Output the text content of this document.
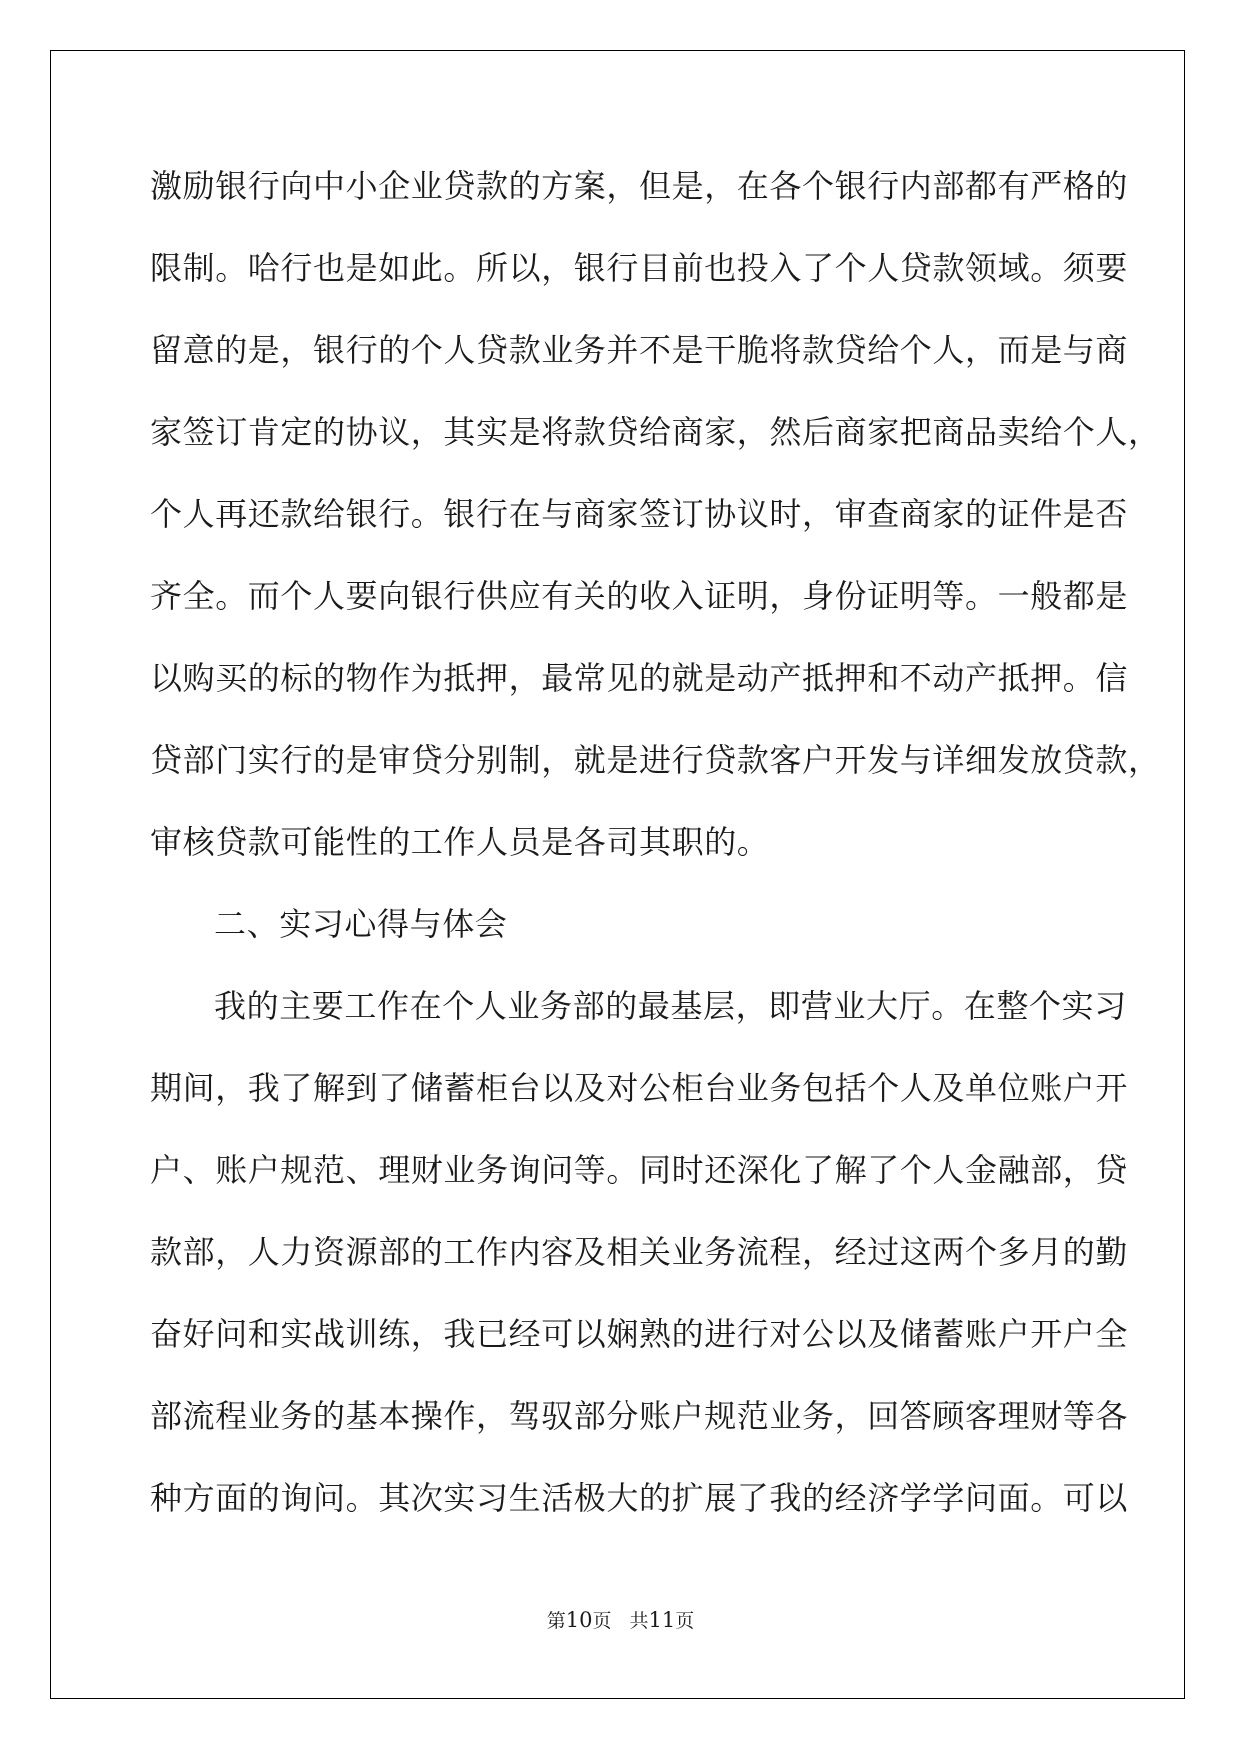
激励银行向中小企业贷款的方案，但是，在各个银行内部都有严格的
限制。哈行也是如此。所以，银行目前也投入了个人贷款领域。须要
留意的是，银行的个人贷款业务并不是干脆将款贷给个人，而是与商
家签订肯定的协议，其实是将款贷给商家，然后商家把商品卖给个人，
个人再还款给银行。银行在与商家签订协议时，审查商家的证件是否
齐全。而个人要向银行供应有关的收入证明，身份证明等。一般都是
以购买的标的物作为抵押，最常见的就是动产抵押和不动产抵押。信
贷部门实行的是审贷分别制，就是进行贷款客户开发与详细发放贷款，
审核贷款可能性的工作人员是各司其职的。
二、实习心得与体会
我的主要工作在个人业务部的最基层，即营业大厅。在整个实习
期间，我了解到了储蓄柜台以及对公柜台业务包括个人及单位账户开
户、账户规范、理财业务询问等。同时还深化了解了个人金融部，贷
款部，人力资源部的工作内容及相关业务流程，经过这两个多月的勤
奋好问和实战训练，我已经可以娴熟的进行对公以及储蓄账户开户全
部流程业务的基本操作，驾驭部分账户规范业务，回答顾客理财等各
种方面的询问。其次实习生活极大的扩展了我的经济学学问面。可以
第10页 共11页
